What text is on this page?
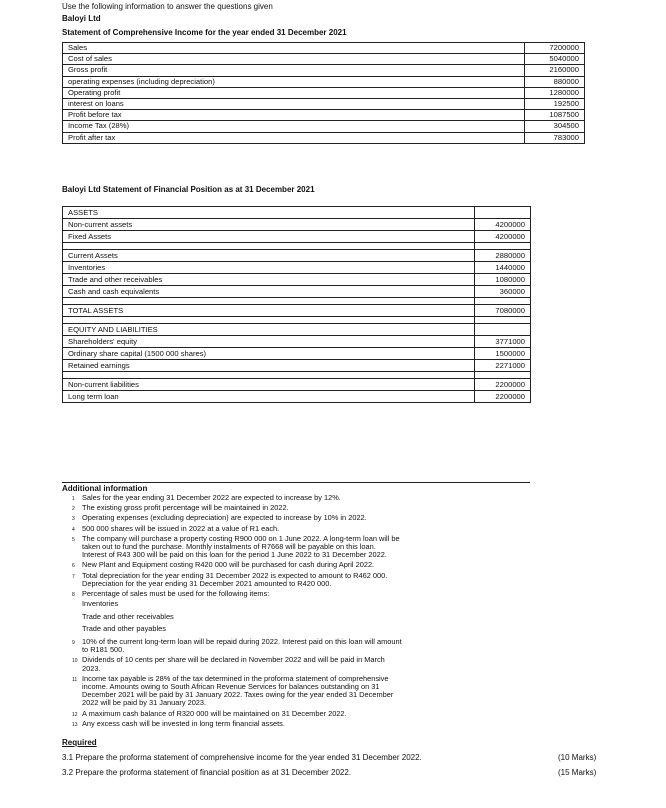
Use the following information to answer the questions given
Baloyi Ltd
Statement of Comprehensive Income for the year ended 31 December 2021
Sales	7200000
Cost of sales	5040000
Gross profit	2160000
operating expenses (including depreciation)	880000
Operating profit	1280000
interest on loans	192500
Profit before tax	1087500
Income Tax (28%)	304500
Profit after tax	783000
Baloyi Ltd Statement of Financial Position as at 31 December 2021
ASSETS	
Non-current assets	4200000
Fixed Assets	4200000

Current Assets	2880000
Inventories	1440000
Trade and other receivables	1080000
Cash and cash equivalents	360000

TOTAL ASSETS	7080000

EQUITY AND LIABILITIES	
Shareholders' equity	3771000
Ordinary share capital (1500 000 shares)	1500000
Retained earnings	2271000

Non-current liabilities	2200000
Long term loan	2200000
Additional information
1 Sales for the year ending 31 December 2022 are expected to increase by 12%.
2 The existing gross profit percentage will be maintained in 2022.
3 Operating expenses (excluding depreciation) are expected to increase by 10% in 2022.
4 500 000 shares will be issued in 2022 at a value of R1 each.
5 The company will purchase a property costing R900 000 on 1 June 2022. A long-term loan will be
taken out to fund the purchase. Monthly instalments of R7668 will be payable on this loan.
Interest of R43 300 will be paid on this loan for the period 1 June 2022 to 31 December 2022.
6 New Plant and Equipment costing R420 000 will be purchased for cash during April 2022.
7 Total depreciation for the year ending 31 December 2022 is expected to amount to R462 000.
Depreciation for the year ending 31 December 2021 amounted to R420 000.
8 Percentage of sales must be used for the following items:
Inventories
Trade and other receivables
Trade and other payables
9 10% of the current long-term loan will be repaid during 2022. Interest paid on this loan will amount
to R181 500.
10 Dividends of 10 cents per share will be declared in November 2022 and will be paid in March
2023.
11 Income tax payable is 28% of the tax determined in the proforma statement of comprehensive
income. Amounts owing to South African Revenue Services for balances outstanding on 31
December 2021 will be paid by 31 January 2022. Taxes owing for the year ended 31 December
2022 will be paid by 31 January 2023.
12 A maximum cash balance of R320 000 will be maintained on 31 December 2022.
13 Any excess cash will be invested in long term financial assets.
Required
3.1 Prepare the proforma statement of comprehensive income for the year ended 31 December 2022.	(10 Marks)
3.2 Prepare the proforma statement of financial position as at 31 December 2022.	(15 Marks)
